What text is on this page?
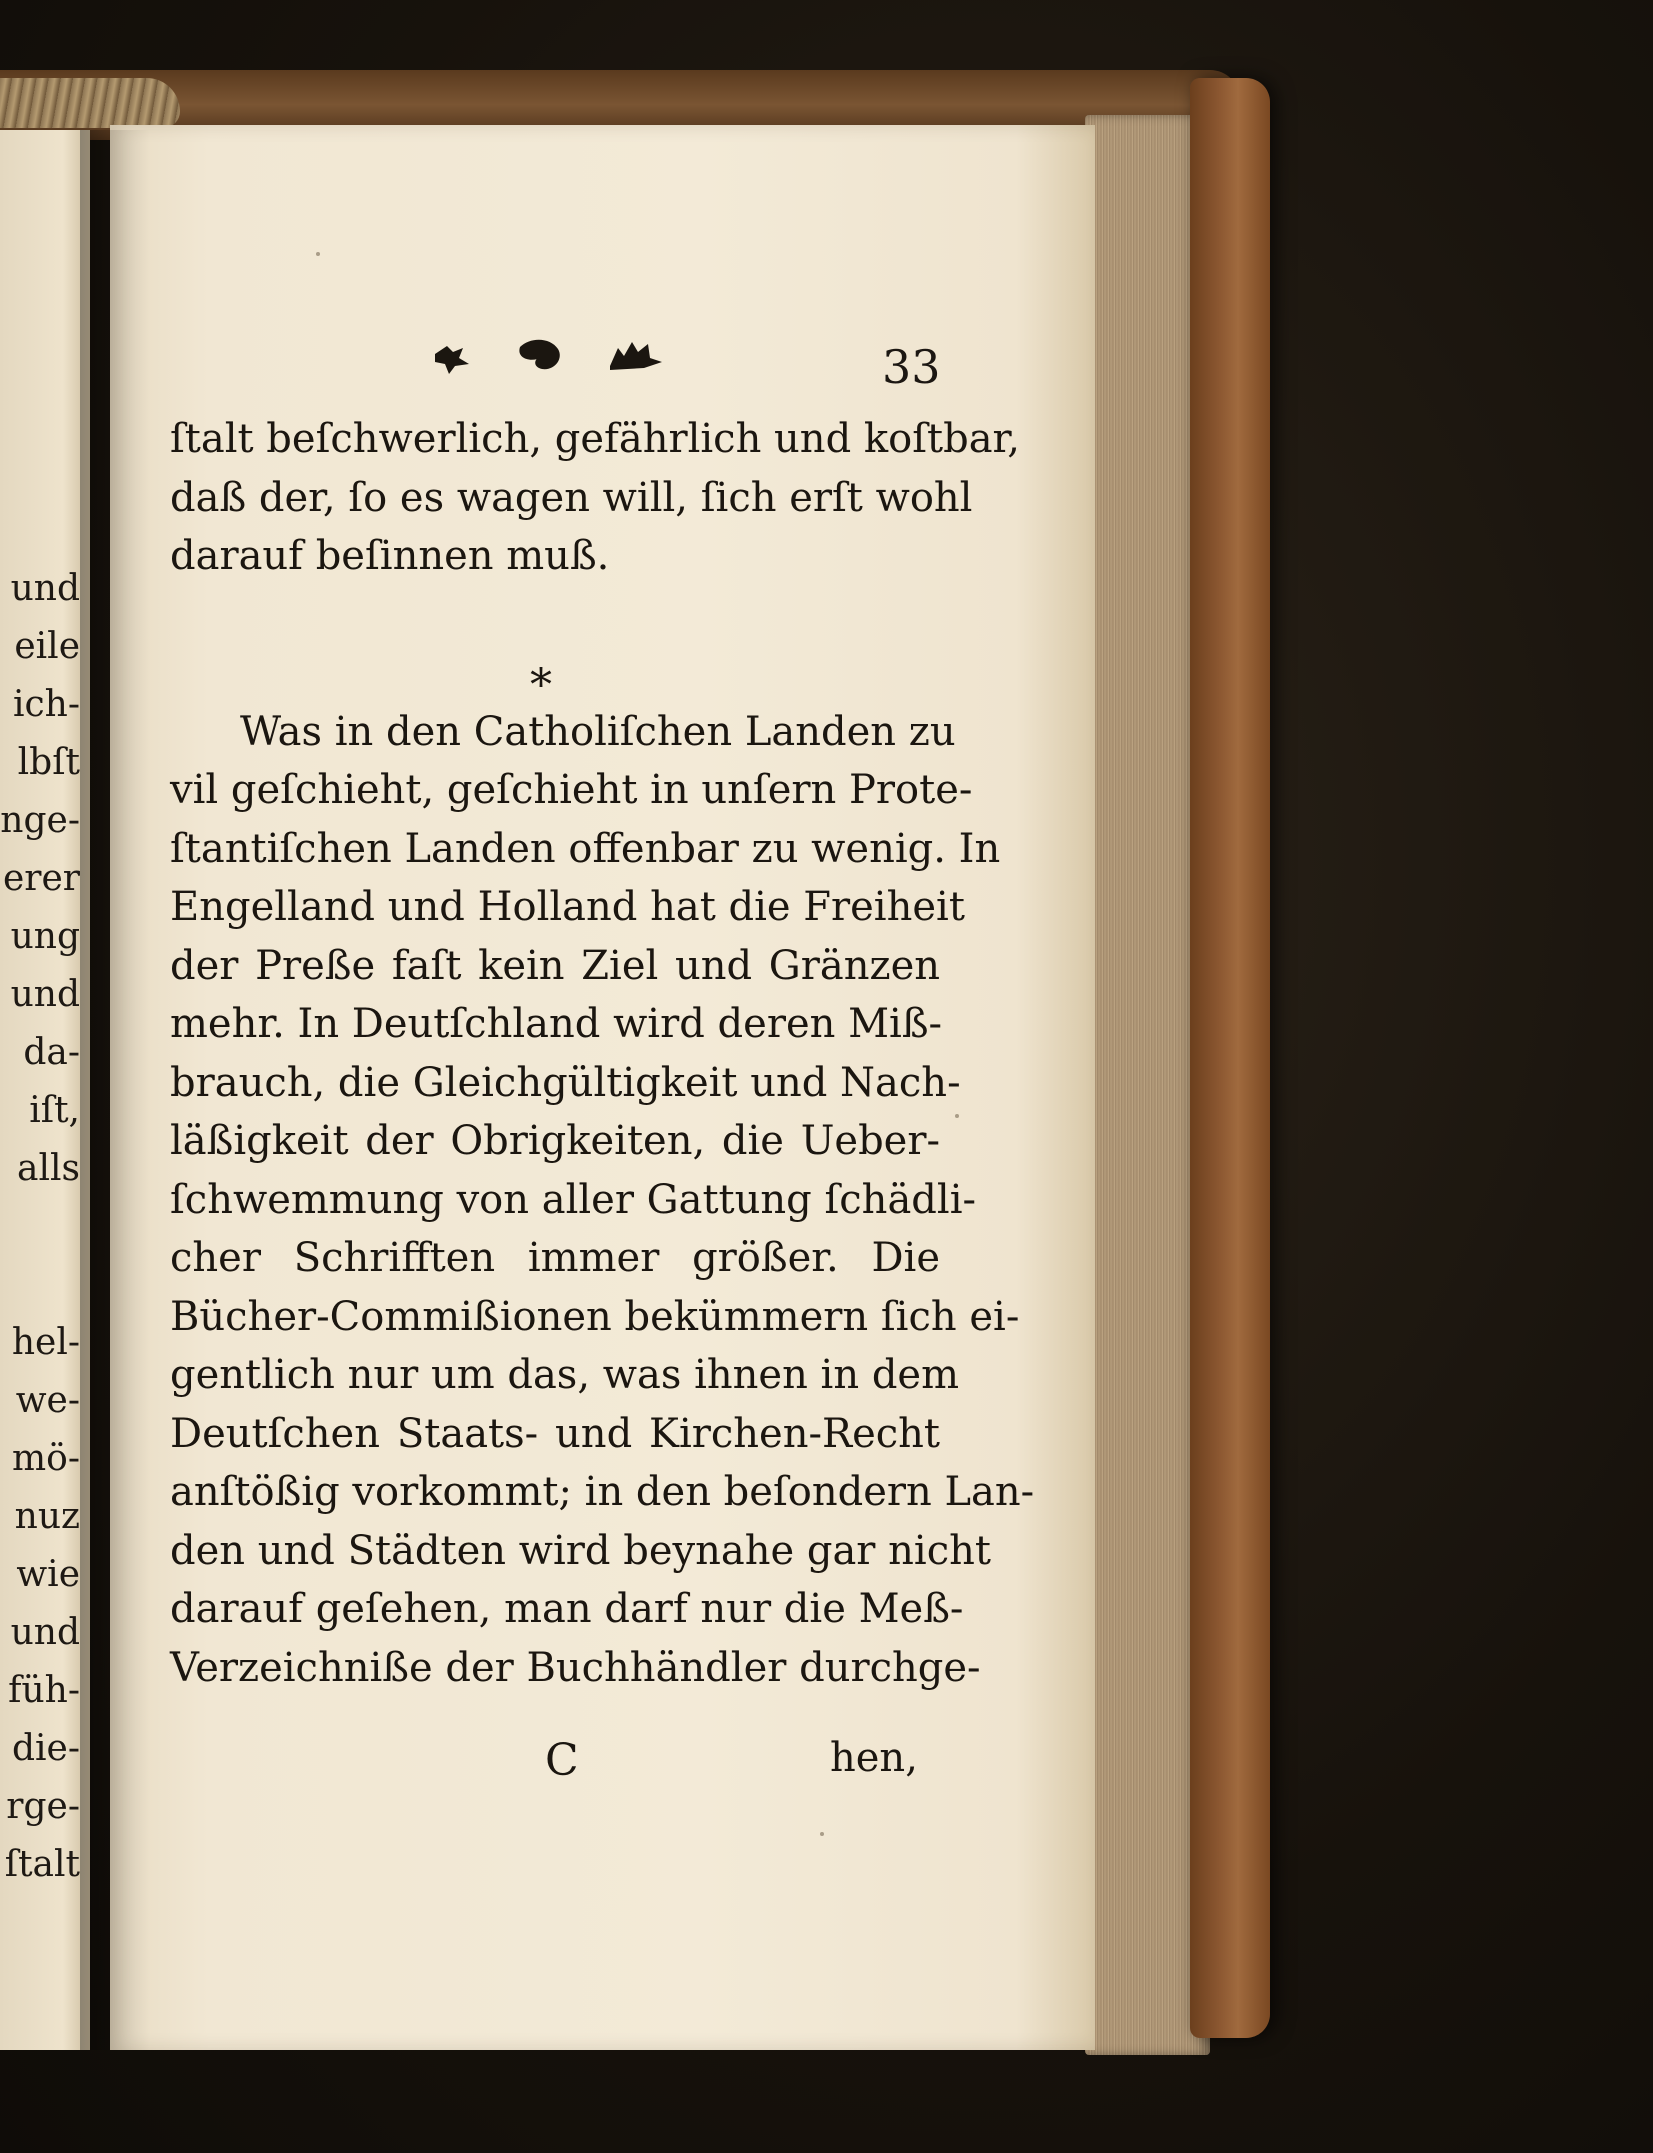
und
eile
ich-
lbſt
nge-
erer
ung
und
da-
iſt,
alls
hel-
we-
mö-
nuz
wie
und
füh-
die-
rge-
ſtalt
33
ſtalt beſchwerlich, gefährlich und koſtbar,
daß der, ſo es wagen will, ſich erſt wohl
darauf beſinnen muß.
Was in den Catholiſchen Landen zu
vil geſchieht, geſchieht in unſern Prote-
ſtantiſchen Landen offenbar zu wenig. In
Engelland und Holland hat die Freiheit
der Preße faſt kein Ziel und Gränzen
mehr. In Deutſchland wird deren Miß-
brauch, die Gleichgültigkeit und Nach-
läßigkeit der Obrigkeiten, die Ueber-
ſchwemmung von aller Gattung ſchädli-
cher Schrifften immer größer. Die
Bücher-Commißionen bekümmern ſich ei-
gentlich nur um das, was ihnen in dem
Deutſchen Staats- und Kirchen-Recht
anſtößig vorkommt; in den beſondern Lan-
den und Städten wird beynahe gar nicht
darauf geſehen, man darf nur die Meß-
Verzeichniße der Buchhändler durchge-
*
C	hen,
